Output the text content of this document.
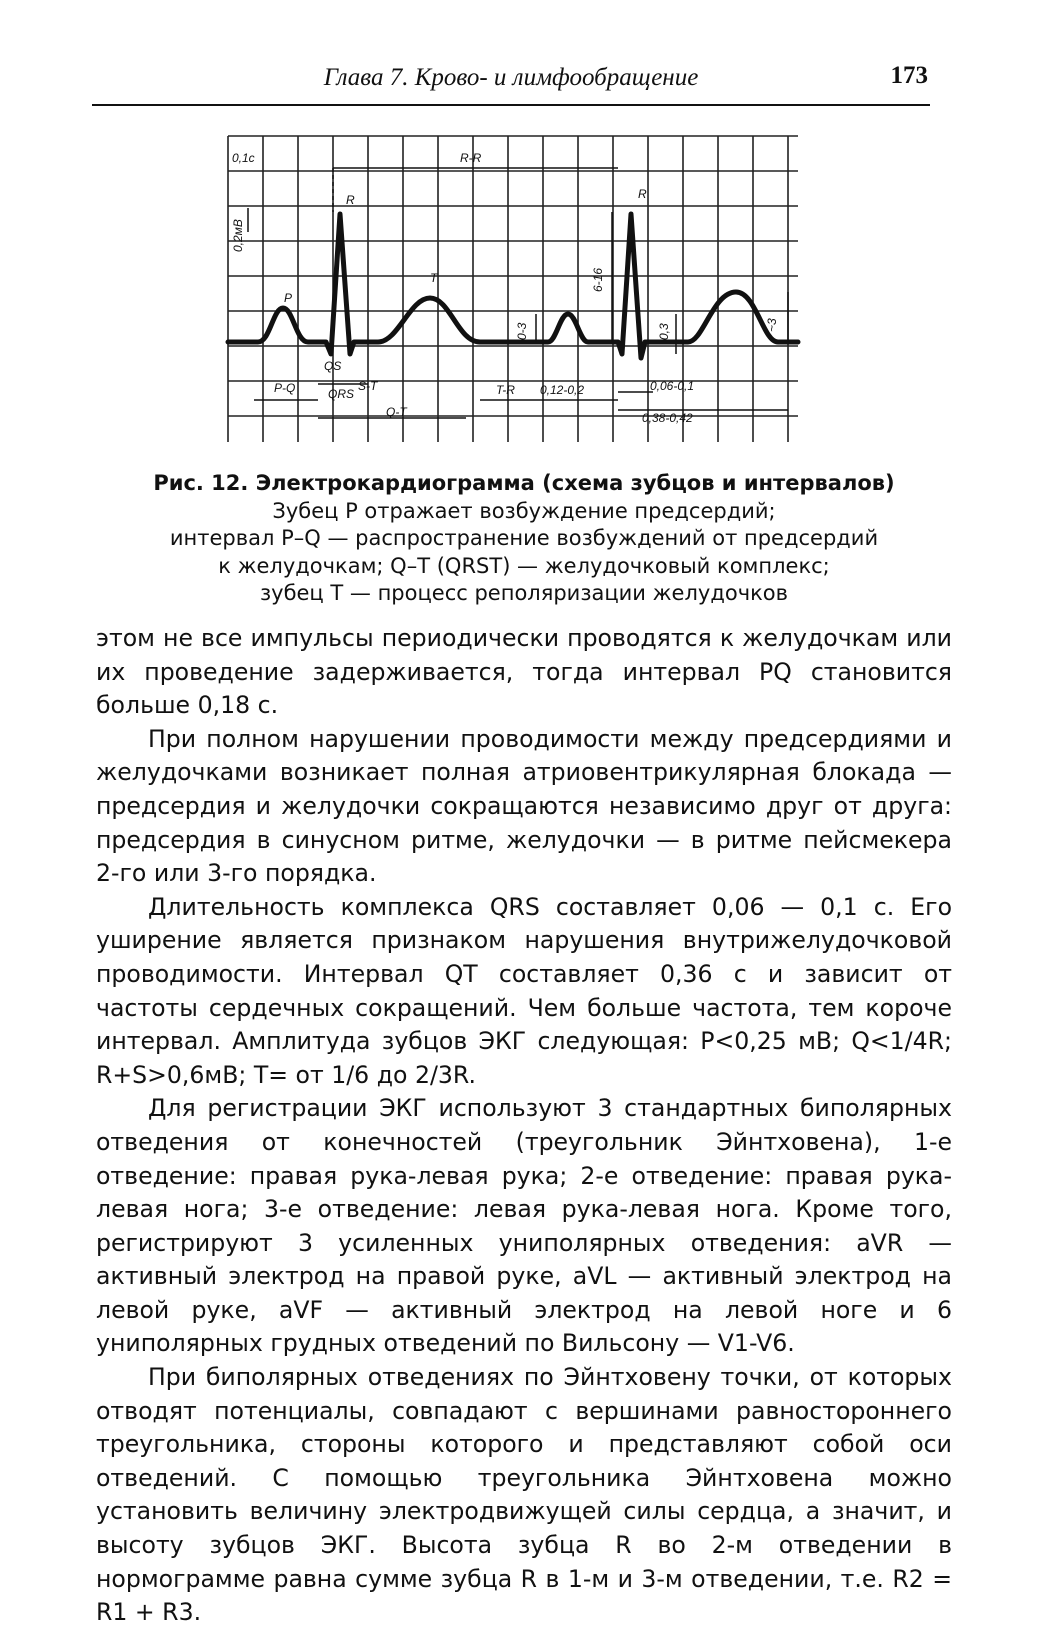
Глава 7. Крово- и лимфообращение	173
0,1с
0,2мВ
R-R
R	R
P
T
QS
P-Q	QRS
S-T
Q-T
T-R 0,12-0,2	0,06-0,1
0,38-0,42
6-16
0-3	0,3	~3
Рис. 12. Электрокардиограмма (схема зубцов и интервалов)
Зубец P отражает возбуждение предсердий;
интервал P–Q — распространение возбуждений от предсердий
к желудочкам; Q–T (QRST) — желудочковый комплекс;
зубец T — процесс реполяризации желудочков

этом не все импульсы периодически проводятся к желудочкам или их проведение задерживается, тогда интервал PQ становится больше 0,18 с.

При полном нарушении проводимости между предсердиями и желудочками возникает полная атриовентрикулярная блокада — предсердия и желудочки сокращаются независимо друг от друга: предсердия в синусном ритме, желудочки — в ритме пейсмекера 2-го или 3-го порядка.

Длительность комплекса QRS составляет 0,06 — 0,1 с. Его уширение является признаком нарушения внутрижелудочковой проводимости. Интервал QT составляет 0,36 с и зависит от частоты сердечных сокращений. Чем больше частота, тем короче интервал. Амплитуда зубцов ЭКГ следующая: P<0,25 мВ; Q<1/4R; R+S>0,6мВ; T= от 1/6 до 2/3R.

Для регистрации ЭКГ используют 3 стандартных биполярных отведения от конечностей (треугольник Эйнтховена), 1-е отведение: правая рука-левая рука; 2-е отведение: правая рука-левая нога; 3-е отведение: левая рука-левая нога. Кроме того, регистрируют 3 усиленных униполярных отведения: aVR — активный электрод на правой руке, aVL — активный электрод на левой руке, aVF — активный электрод на левой ноге и 6 униполярных грудных отведений по Вильсону — V1-V6.

При биполярных отведениях по Эйнтховену точки, от которых отводят потенциалы, совпадают с вершинами равностороннего треугольника, стороны которого и представляют собой оси отведений. С помощью треугольника Эйнтховена можно установить величину электродвижущей силы сердца, а значит, и высоту зубцов ЭКГ. Высота зубца R во 2-м отведении в нормограмме равна сумме зубца R в 1-м и 3-м отведении, т.е. R2 = R1 + R3.
